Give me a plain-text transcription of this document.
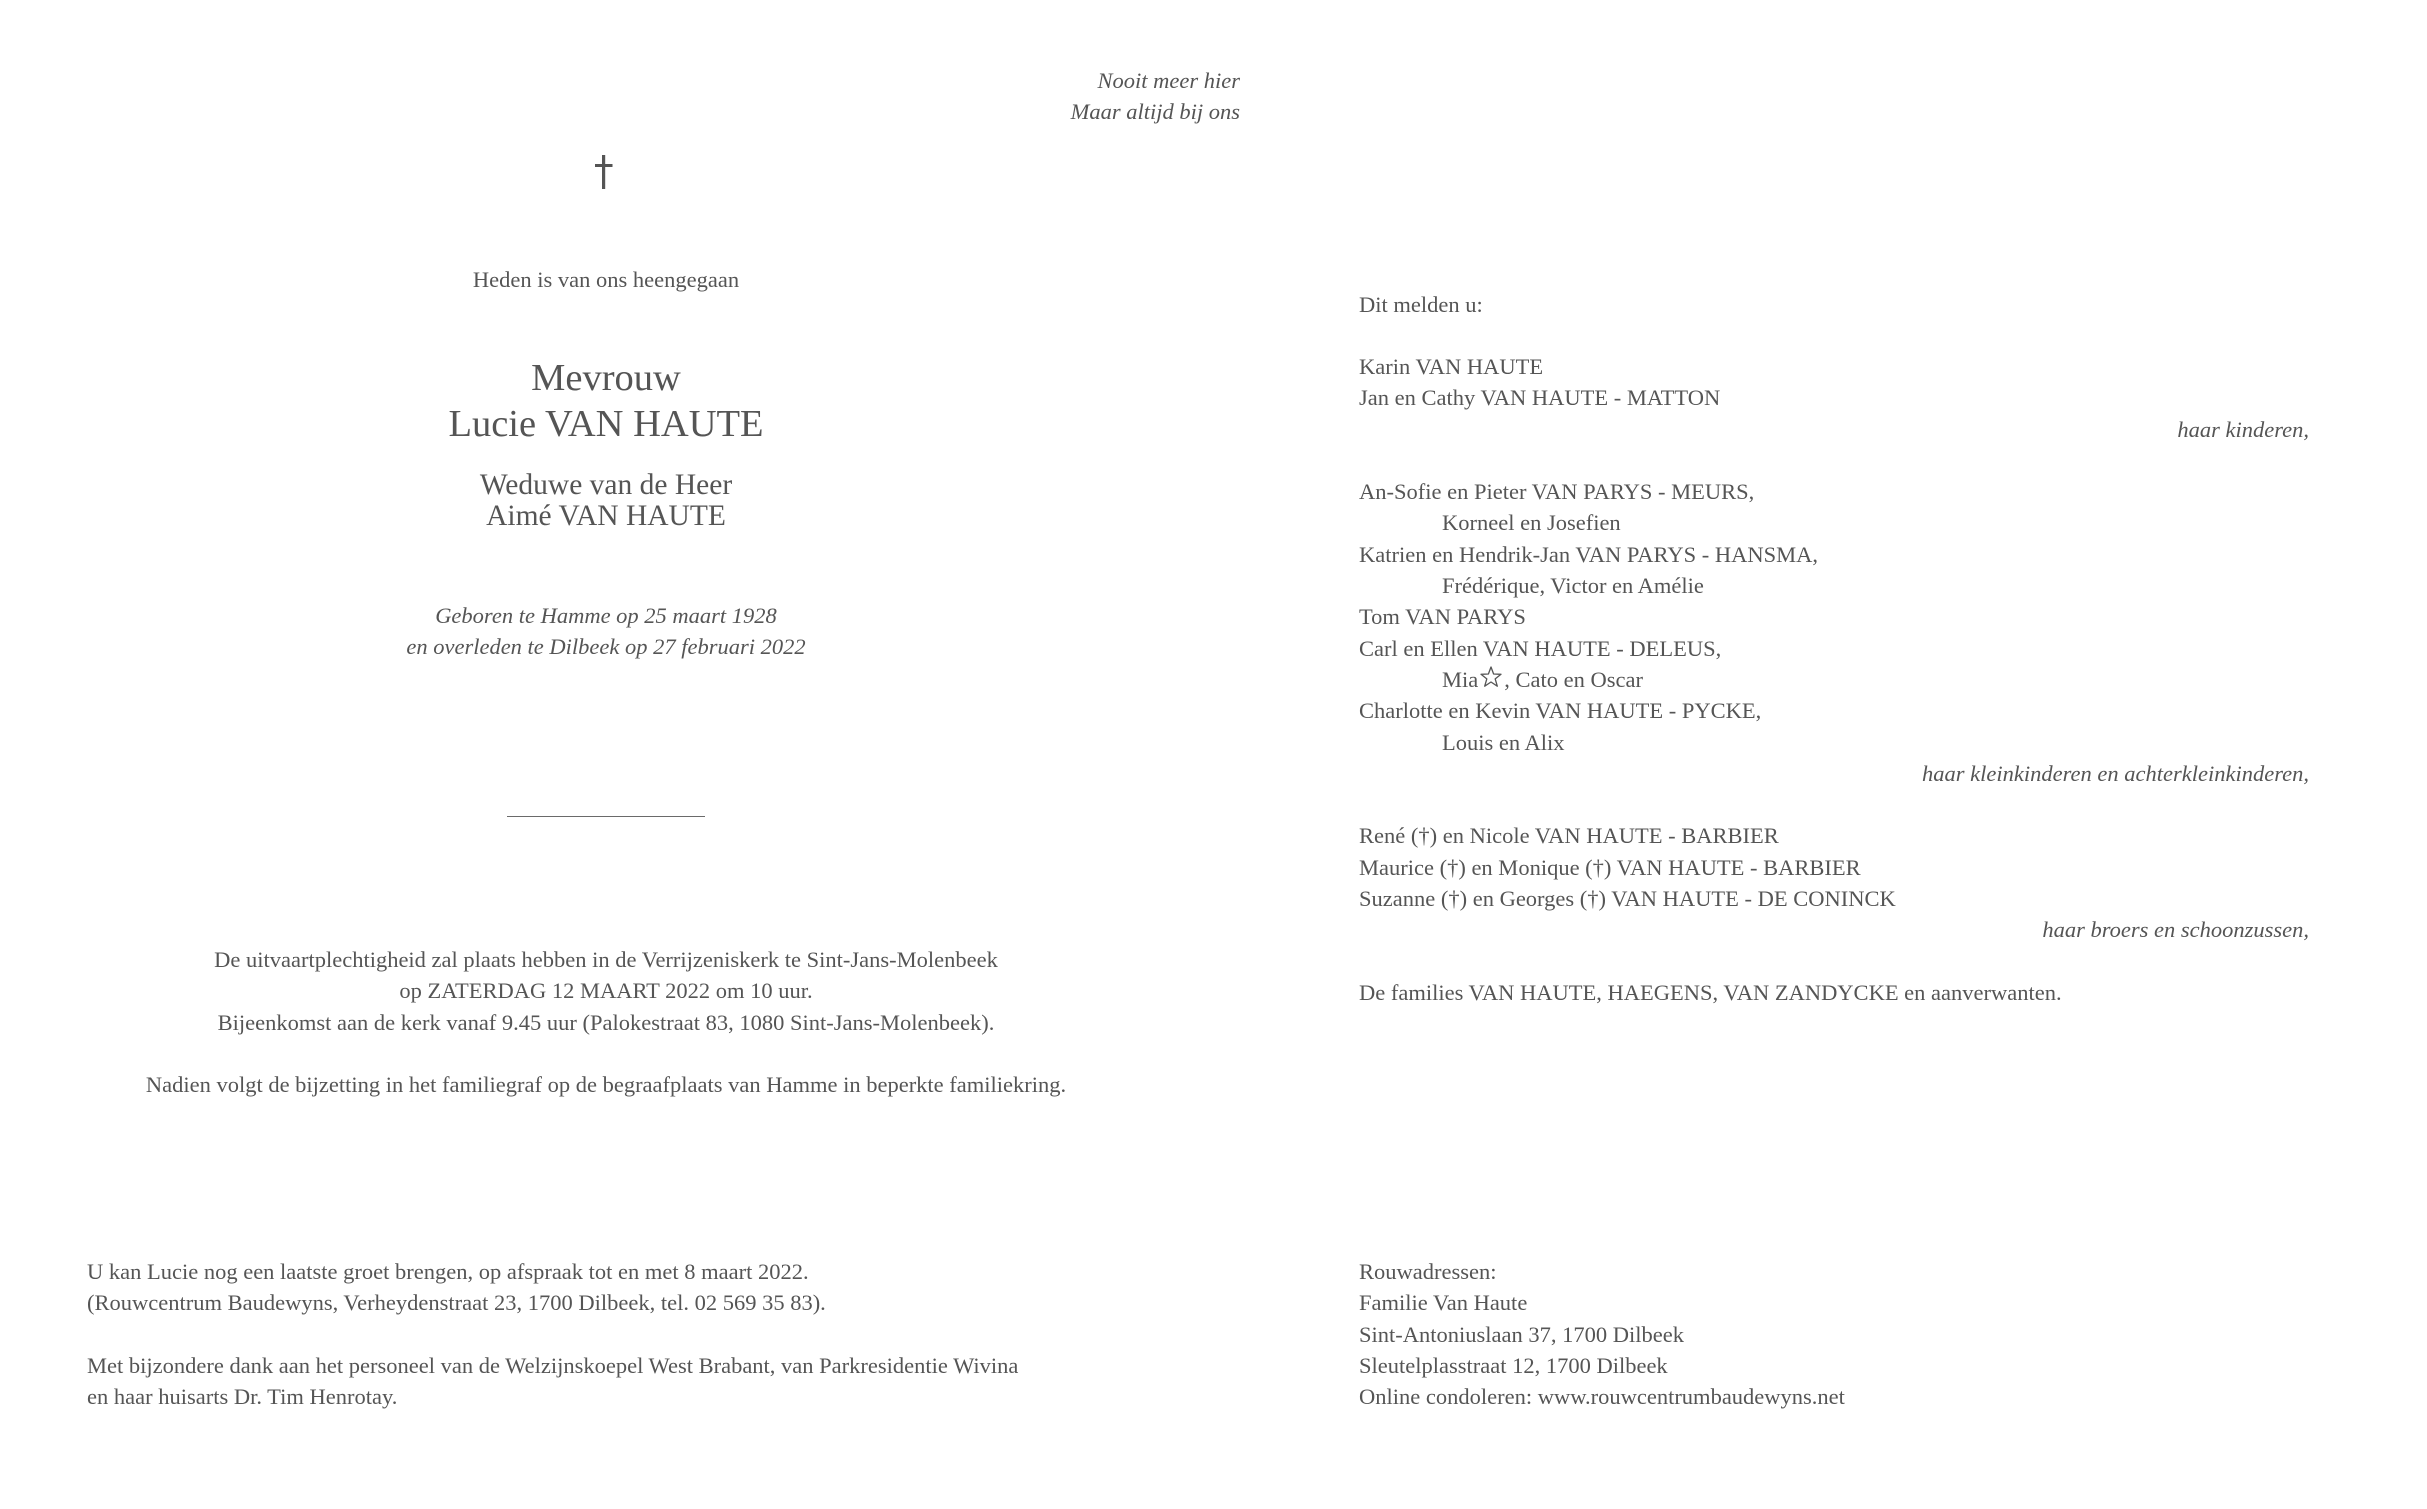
Nooit meer hier
Maar altijd bij ons
Heden is van ons heengegaan
Mevrouw
Lucie VAN HAUTE
Weduwe van de Heer
Aimé VAN HAUTE
Geboren te Hamme op 25 maart 1928
en overleden te Dilbeek op 27 februari 2022
De uitvaartplechtigheid zal plaats hebben in de Verrijzeniskerk te Sint-Jans-Molenbeek
op ZATERDAG 12 MAART 2022 om 10 uur.
Bijeenkomst aan de kerk vanaf 9.45 uur (Palokestraat 83, 1080 Sint-Jans-Molenbeek).
Nadien volgt de bijzetting in het familiegraf op de begraafplaats van Hamme in beperkte familiekring.
U kan Lucie nog een laatste groet brengen, op afspraak tot en met 8 maart 2022.
(Rouwcentrum Baudewyns, Verheydenstraat 23, 1700 Dilbeek, tel. 02 569 35 83).
Met bijzondere dank aan het personeel van de Welzijnskoepel West Brabant, van Parkresidentie Wivina
en haar huisarts Dr. Tim Henrotay.
Dit melden u:
Karin VAN HAUTE
Jan en Cathy VAN HAUTE - MATTON
haar kinderen,
An-Sofie en Pieter VAN PARYS - MEURS,
Korneel en Josefien
Katrien en Hendrik-Jan VAN PARYS - HANSMA,
Frédérique, Victor en Amélie
Tom VAN PARYS
Carl en Ellen VAN HAUTE - DELEUS,
Mia , Cato en Oscar
Charlotte en Kevin VAN HAUTE - PYCKE,
Louis en Alix
haar kleinkinderen en achterkleinkinderen,
René (†) en Nicole VAN HAUTE - BARBIER
Maurice (†) en Monique (†) VAN HAUTE - BARBIER
Suzanne (†) en Georges (†) VAN HAUTE - DE CONINCK
haar broers en schoonzussen,
De families VAN HAUTE, HAEGENS, VAN ZANDYCKE en aanverwanten.
Rouwadressen:
Familie Van Haute
Sint-Antoniuslaan 37, 1700 Dilbeek
Sleutelplasstraat 12, 1700 Dilbeek
Online condoleren: www.rouwcentrumbaudewyns.net
